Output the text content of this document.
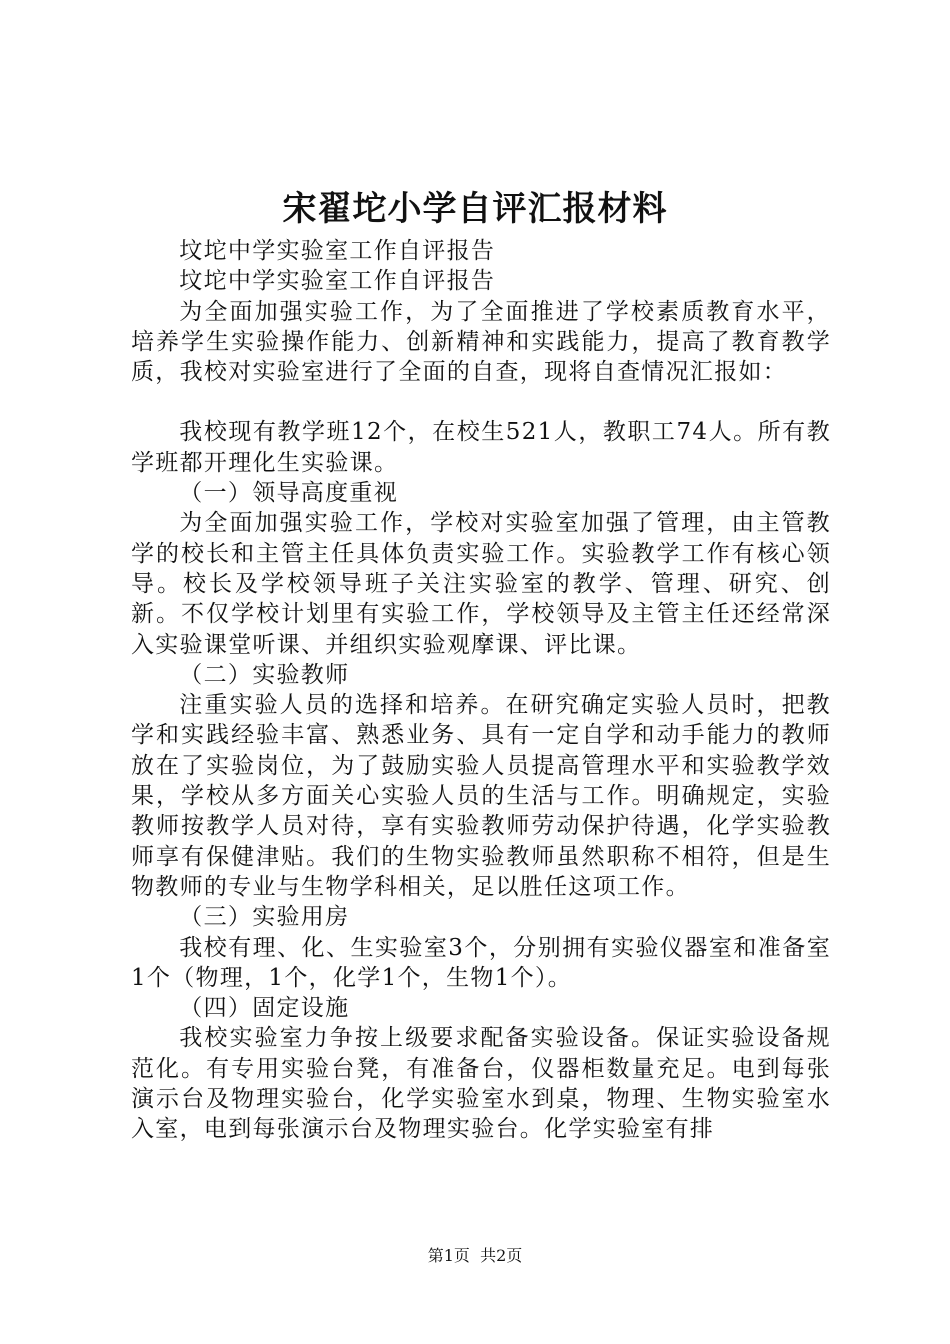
宋翟坨小学自评汇报材料

坟坨中学实验室工作自评报告

坟坨中学实验室工作自评报告

为全面加强实验工作，为了全面推进了学校素质教育水平，培养学生实验操作能力、创新精神和实践能力，提高了教育教学质，我校对实验室进行了全面的自查，现将自查情况汇报如：

我校现有教学班12个，在校生521人，教职工74人。所有教学班都开理化生实验课。

（一）领导高度重视

为全面加强实验工作，学校对实验室加强了管理，由主管教学的校长和主管主任具体负责实验工作。实验教学工作有核心领导。校长及学校领导班子关注实验室的教学、管理、研究、创新。不仅学校计划里有实验工作，学校领导及主管主任还经常深入实验课堂听课、并组织实验观摩课、评比课。

（二）实验教师

注重实验人员的选择和培养。在研究确定实验人员时，把教学和实践经验丰富、熟悉业务、具有一定自学和动手能力的教师放在了实验岗位，为了鼓励实验人员提高管理水平和实验教学效果，学校从多方面关心实验人员的生活与工作。明确规定，实验教师按教学人员对待，享有实验教师劳动保护待遇，化学实验教师享有保健津贴。我们的生物实验教师虽然职称不相符，但是生物教师的专业与生物学科相关，足以胜任这项工作。

（三）实验用房

我校有理、化、生实验室3个，分别拥有实验仪器室和准备室1个（物理，1个，化学1个，生物1个）。

（四）固定设施

我校实验室力争按上级要求配备实验设备。保证实验设备规范化。有专用实验台凳，有准备台，仪器柜数量充足。电到每张演示台及物理实验台，化学实验室水到桌，物理、生物实验室水入室，电到每张演示台及物理实验台。化学实验室有排

第1页 共2页
